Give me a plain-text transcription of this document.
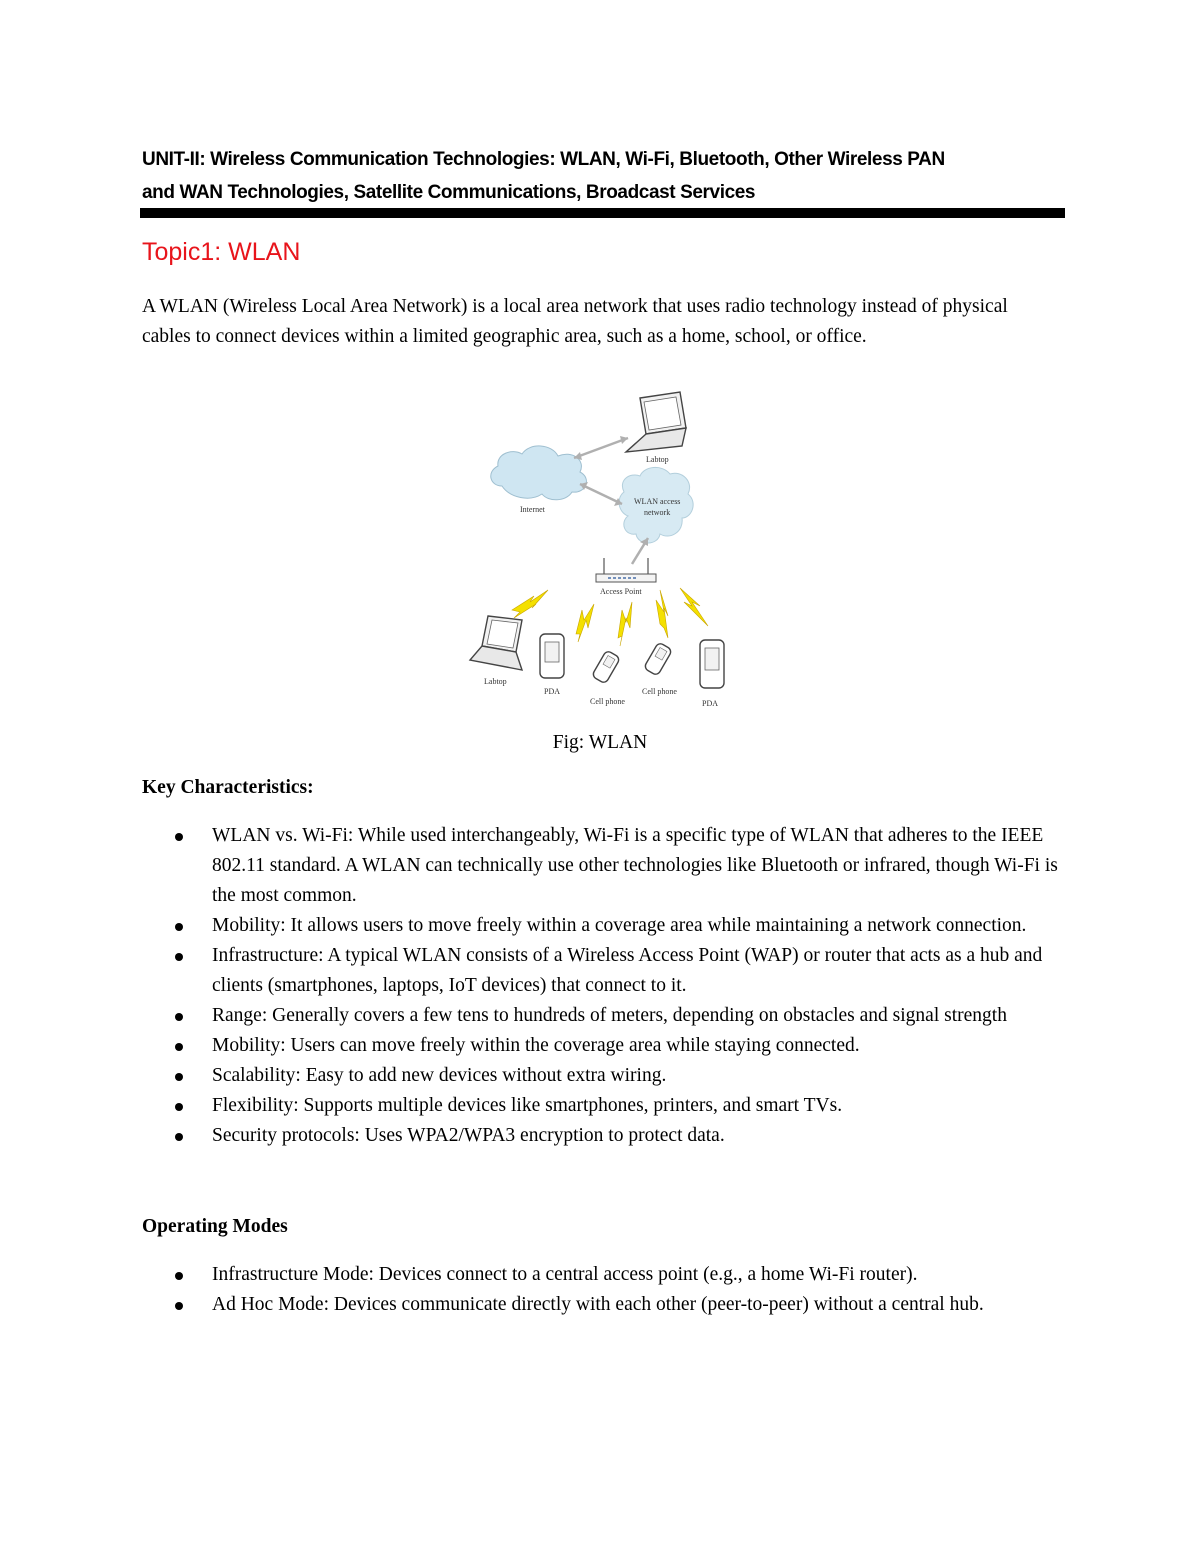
UNIT-II: Wireless Communication Technologies: WLAN, Wi-Fi, Bluetooth, Other Wireless PAN
and WAN Technologies, Satellite Communications, Broadcast Services
Topic1: WLAN

A WLAN (Wireless Local Area Network) is a local area network that uses radio technology instead of physical cables to connect devices within a limited geographic area, such as a home, school, or office.

Internet
WLAN access
network
Labtop
Access Point
Labtop
PDA
Cell phone
Cell phone
PDA
Fig: WLAN
Key Characteristics:
WLAN vs. Wi-Fi: While used interchangeably, Wi-Fi is a specific type of WLAN that adheres to the IEEE 802.11 standard. A WLAN can technically use other technologies like Bluetooth or infrared, though Wi-Fi is the most common.
Mobility: It allows users to move freely within a coverage area while maintaining a network connection.
Infrastructure: A typical WLAN consists of a Wireless Access Point (WAP) or router that acts as a hub and clients (smartphones, laptops, IoT devices) that connect to it.
Range: Generally covers a few tens to hundreds of meters, depending on obstacles and signal strength
Mobility: Users can move freely within the coverage area while staying connected.
Scalability: Easy to add new devices without extra wiring.
Flexibility: Supports multiple devices like smartphones, printers, and smart TVs.
Security protocols: Uses WPA2/WPA3 encryption to protect data.
Operating Modes
Infrastructure Mode: Devices connect to a central access point (e.g., a home Wi-Fi router).
Ad Hoc Mode: Devices communicate directly with each other (peer-to-peer) without a central hub.
